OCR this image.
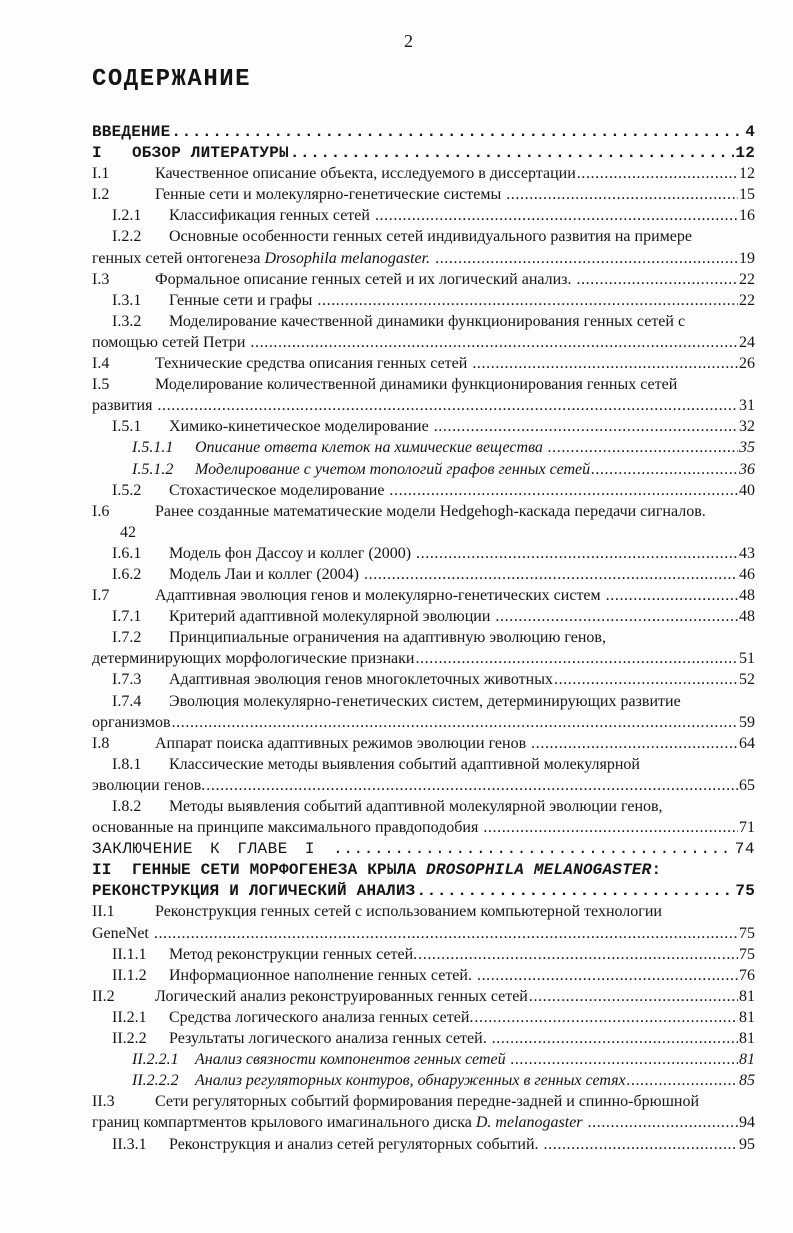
2
СОДЕРЖАНИЕ
ВВЕДЕНИЕ .....	4
I	ОБЗОР ЛИТЕРАТУРЫ .....	12
I.1	Качественное описание объекта, исследуемого в диссертации .....	12
I.2	Генные сети и молекулярно-генетические системы .....	15
I.2.1	Классификация генных сетей .....	16
I.2.2	Основные особенности генных сетей индивидуального развития на примере
генных сетей онтогенеза Drosophila melanogaster. .....	19
I.3	Формальное описание генных сетей и их логический анализ. .....	22
I.3.1	Генные сети и графы .....	22
I.3.2	Моделирование качественной динамики функционирования генных сетей с
помощью сетей Петри .....	24
I.4	Технические средства описания генных сетей .....	26
I.5	Моделирование количественной динамики функционирования генных сетей
развития .....	31
I.5.1	Химико-кинетическое моделирование .....	32
I.5.1.1	Описание ответа клеток на химические вещества .....	35
I.5.1.2	Моделирование с учетом топологий графов генных сетей .....	36
I.5.2	Стохастическое моделирование .....	40
I.6	Ранее созданные математические модели Hedgehogh-каскада передачи сигналов.
42
I.6.1	Модель фон Дассоу и коллег (2000) .....	43
I.6.2	Модель Лаи и коллег (2004) .....	46
I.7	Адаптивная эволюция генов и молекулярно-генетических систем .....	48
I.7.1	Критерий адаптивной молекулярной эволюции .....	48
I.7.2	Принципиальные ограничения на адаптивную эволюцию генов,
детерминирующих морфологические признаки .....	51
I.7.3	Адаптивная эволюция генов многоклеточных животных .....	52
I.7.4	Эволюция молекулярно-генетических систем, детерминирующих развитие
организмов .....	59
I.8	Аппарат поиска адаптивных режимов эволюции генов .....	64
I.8.1	Классические методы выявления событий адаптивной молекулярной
эволюции генов. .....	65
I.8.2	Методы выявления событий адаптивной молекулярной эволюции генов,
основанные на принципе максимального правдоподобия .....	71
ЗАКЛЮЧЕНИЕ К ГЛАВЕ I .....	74
II	ГЕННЫЕ СЕТИ МОРФОГЕНЕЗА КРЫЛА DROSOPHILA MELANOGASTER:
РЕКОНСТРУКЦИЯ И ЛОГИЧЕСКИЙ АНАЛИЗ .....	75
II.1	Реконструкция генных сетей с использованием компьютерной технологии
GeneNet .....	75
II.1.1	Метод реконструкции генных сетей. .....	75
II.1.2	Информационное наполнение генных сетей. .....	76
II.2	Логический анализ реконструированных генных сетей .....	81
II.2.1	Средства логического анализа генных сетей. .....	81
II.2.2	Результаты логического анализа генных сетей. .....	81
II.2.2.1	Анализ связности компонентов генных сетей .....	81
II.2.2.2	Анализ регуляторных контуров, обнаруженных в генных сетях .....	85
II.3	Сети регуляторных событий формирования передне-задней и спинно-брюшной
границ компартментов крылового имагинального диска D. melanogaster .....	94
II.3.1	Реконструкция и анализ сетей регуляторных событий. .....	95
